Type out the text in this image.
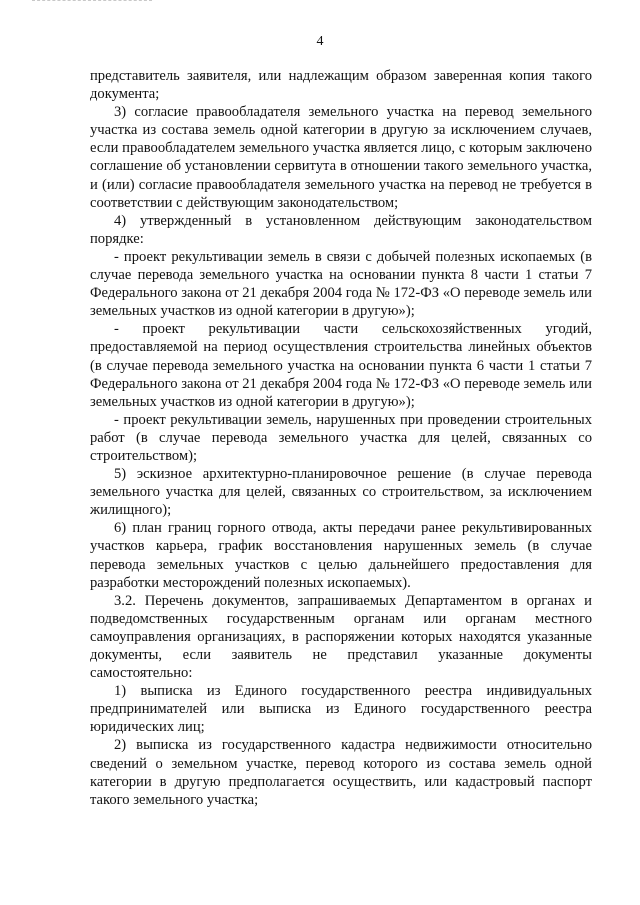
4

представитель заявителя, или надлежащим образом заверенная копия такого документа;

3) согласие правообладателя земельного участка на перевод земельного участка из состава земель одной категории в другую за исключением случаев, если правообладателем земельного участка является лицо, с которым заключено соглашение об установлении сервитута в отношении такого земельного участка, и (или) согласие правообладателя земельного участка на перевод не требуется в соответствии с действующим законодательством;

4) утвержденный в установленном действующим законодательством порядке:

- проект рекультивации земель в связи с добычей полезных ископаемых (в случае перевода земельного участка на основании пункта 8 части 1 статьи 7 Федерального закона от 21 декабря 2004 года № 172-ФЗ «О переводе земель или земельных участков из одной категории в другую»);

- проект рекультивации части сельскохозяйственных угодий, предоставляемой на период осуществления строительства линейных объектов (в случае перевода земельного участка на основании пункта 6 части 1 статьи 7 Федерального закона от 21 декабря 2004 года № 172-ФЗ «О переводе земель или земельных участков из одной категории в другую»);

- проект рекультивации земель, нарушенных при проведении строительных работ (в случае перевода земельного участка для целей, связанных со строительством);

5) эскизное архитектурно-планировочное решение (в случае перевода земельного участка для целей, связанных со строительством, за исключением жилищного);

6) план границ горного отвода, акты передачи ранее рекультивированных участков карьера, график восстановления нарушенных земель (в случае перевода земельных участков с целью дальнейшего предоставления для разработки месторождений полезных ископаемых).

3.2. Перечень документов, запрашиваемых Департаментом в органах и подведомственных государственным органам или органам местного самоуправления организациях, в распоряжении которых находятся указанные документы, если заявитель не представил указанные документы самостоятельно:

1) выписка из Единого государственного реестра индивидуальных предпринимателей или выписка из Единого государственного реестра юридических лиц;

2) выписка из государственного кадастра недвижимости относительно сведений о земельном участке, перевод которого из состава земель одной категории в другую предполагается осуществить, или кадастровый паспорт такого земельного участка;
